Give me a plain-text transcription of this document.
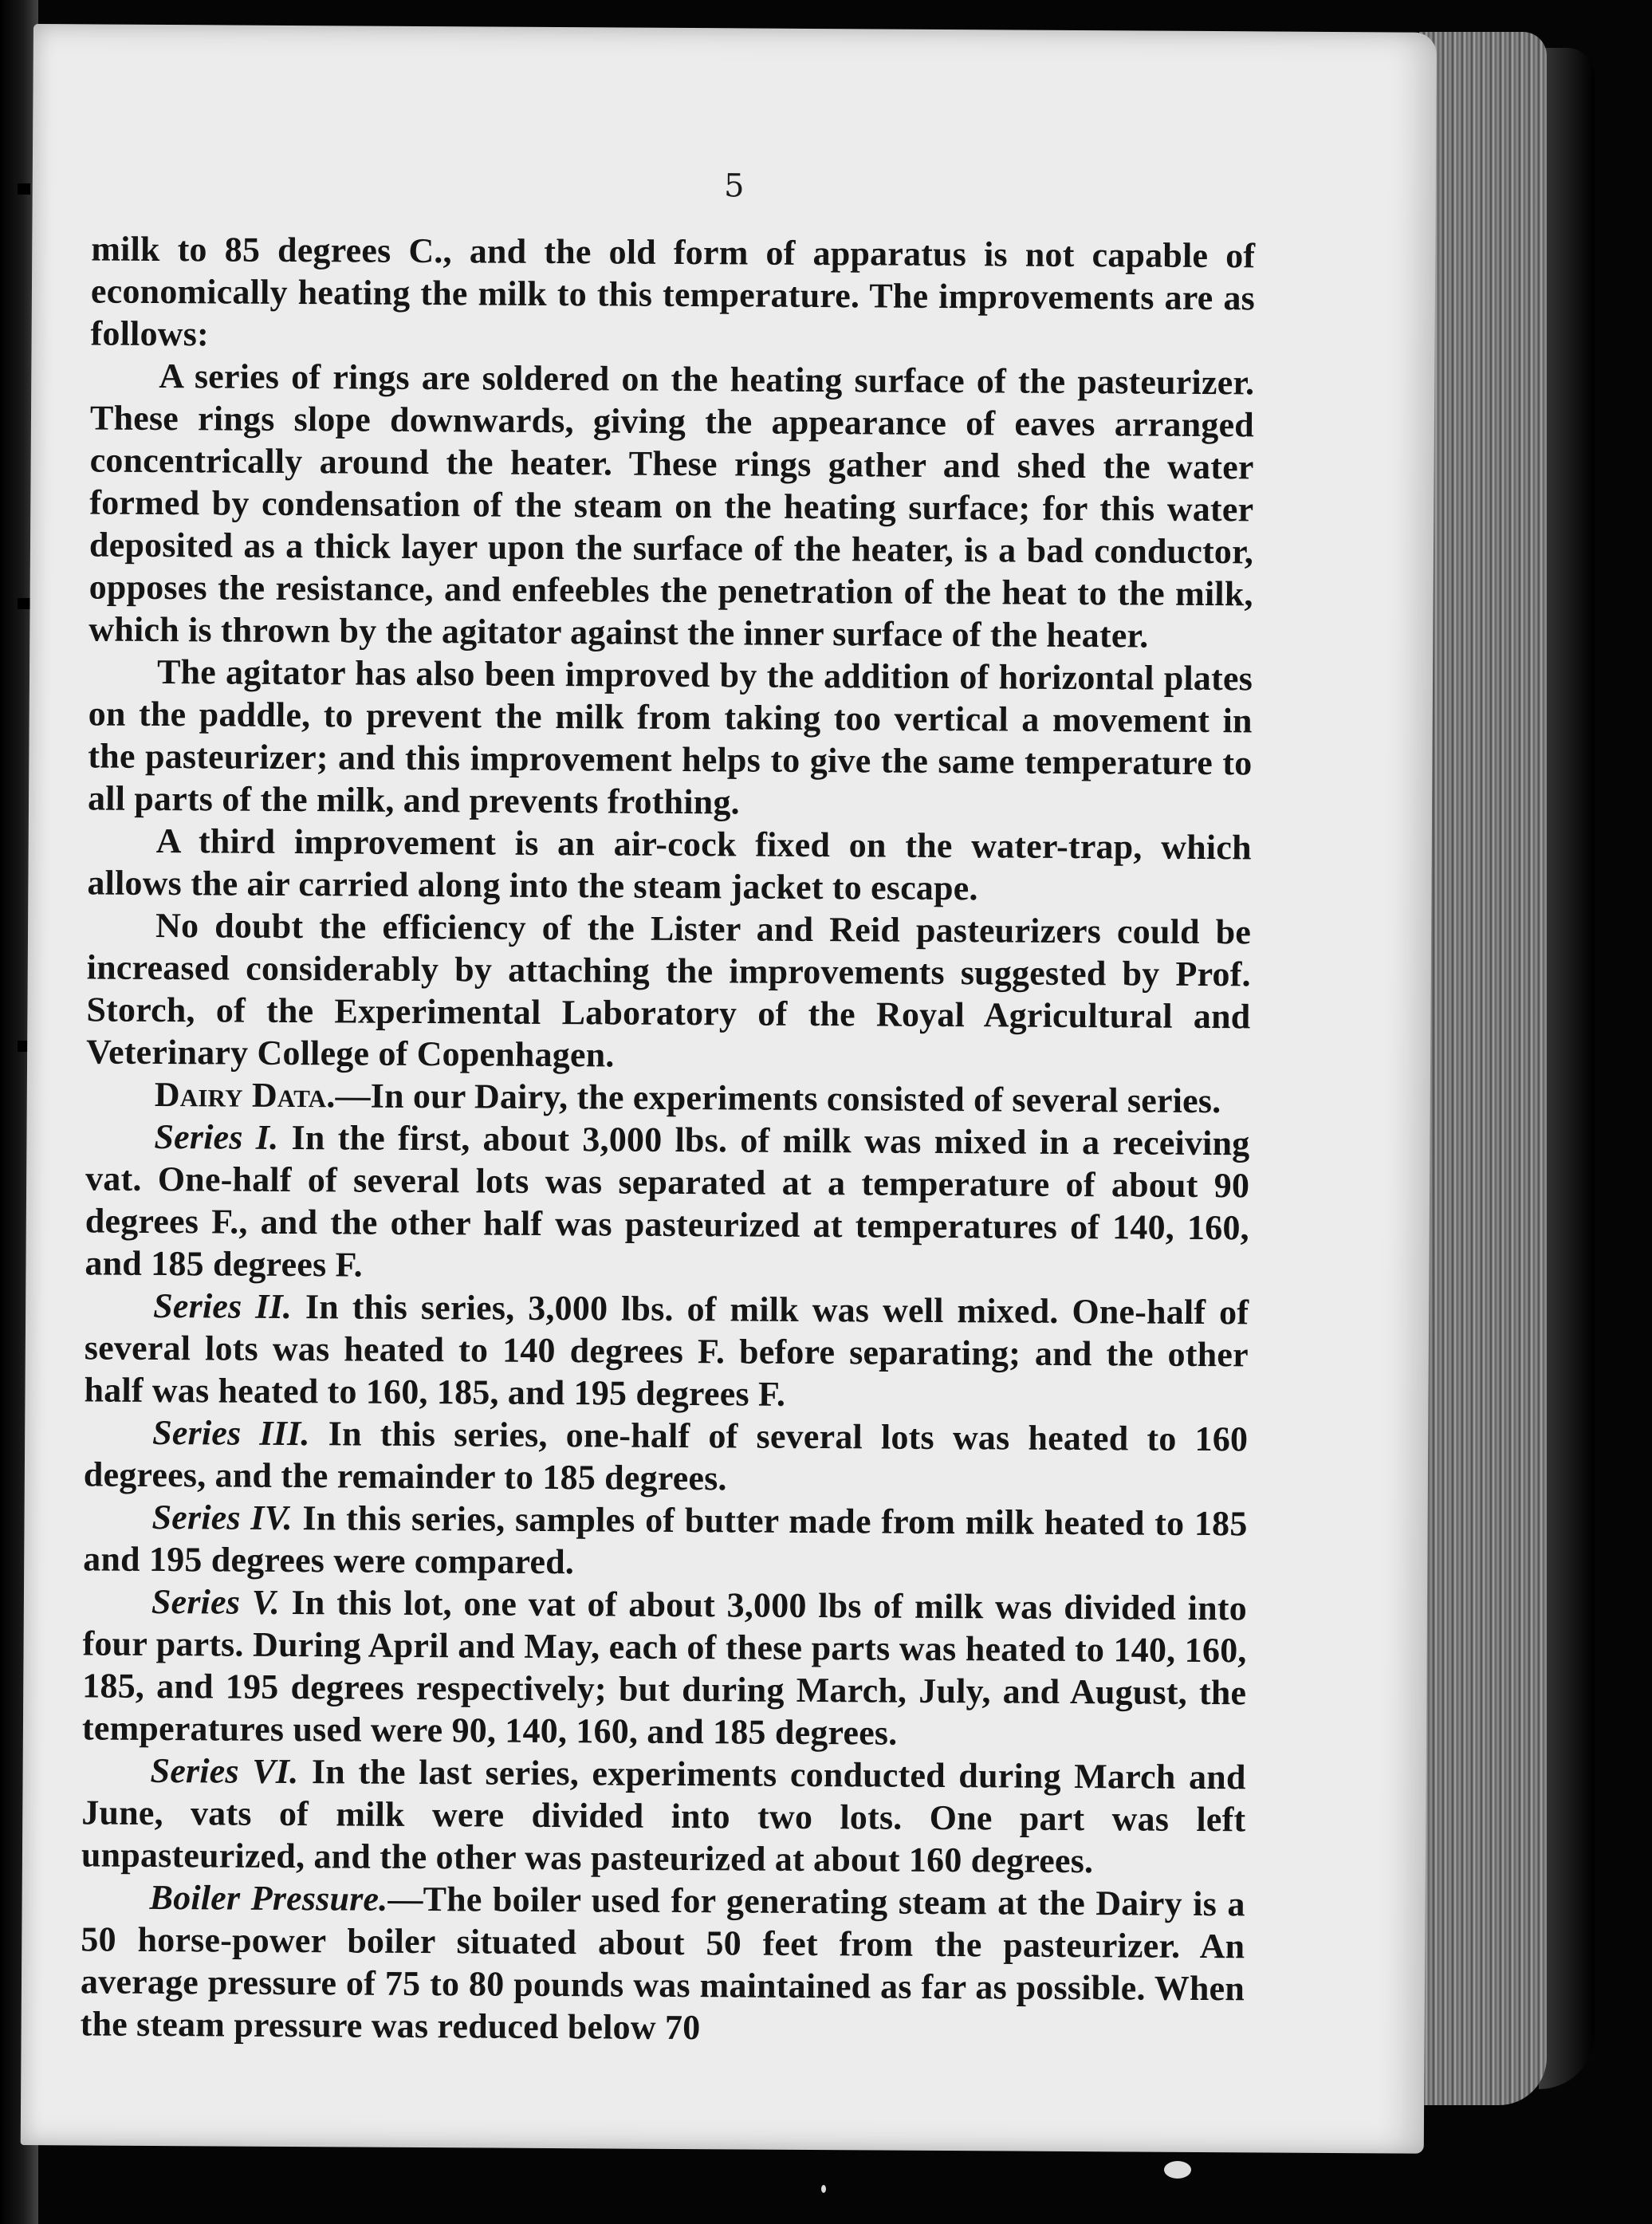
5

milk to 85 degrees C., and the old form of apparatus is not capable of economically heating the milk to this temperature. The improvements are as follows:

A series of rings are soldered on the heating surface of the pasteurizer. These rings slope downwards, giving the appearance of eaves arranged concentrically around the heater. These rings gather and shed the water formed by condensation of the steam on the heating surface; for this water deposited as a thick layer upon the surface of the heater, is a bad conductor, opposes the resistance, and enfeebles the penetration of the heat to the milk, which is thrown by the agitator against the inner surface of the heater.

The agitator has also been improved by the addition of horizontal plates on the paddle, to prevent the milk from taking too vertical a movement in the pasteurizer; and this improvement helps to give the same temperature to all parts of the milk, and prevents frothing.

A third improvement is an air-cock fixed on the water-trap, which allows the air carried along into the steam jacket to escape.

No doubt the efficiency of the Lister and Reid pasteurizers could be increased considerably by attaching the improvements suggested by Prof. Storch, of the Experimental Laboratory of the Royal Agricultural and Veterinary College of Copenhagen.

Dairy Data.—In our Dairy, the experiments consisted of several series.

Series I. In the first, about 3,000 lbs. of milk was mixed in a receiving vat. One-half of several lots was separated at a temperature of about 90 degrees F., and the other half was pasteurized at temperatures of 140, 160, and 185 degrees F.

Series II. In this series, 3,000 lbs. of milk was well mixed. One-half of several lots was heated to 140 degrees F. before separating; and the other half was heated to 160, 185, and 195 degrees F.

Series III. In this series, one-half of several lots was heated to 160 degrees, and the remainder to 185 degrees.

Series IV. In this series, samples of butter made from milk heated to 185 and 195 degrees were compared.

Series V. In this lot, one vat of about 3,000 lbs of milk was divided into four parts. During April and May, each of these parts was heated to 140, 160, 185, and 195 degrees respectively; but during March, July, and August, the temperatures used were 90, 140, 160, and 185 degrees.

Series VI. In the last series, experiments conducted during March and June, vats of milk were divided into two lots. One part was left unpasteurized, and the other was pasteurized at about 160 degrees.

Boiler Pressure.—The boiler used for generating steam at the Dairy is a 50 horse-power boiler situated about 50 feet from the pasteurizer. An average pressure of 75 to 80 pounds was maintained as far as possible. When the steam pressure was reduced below 70
